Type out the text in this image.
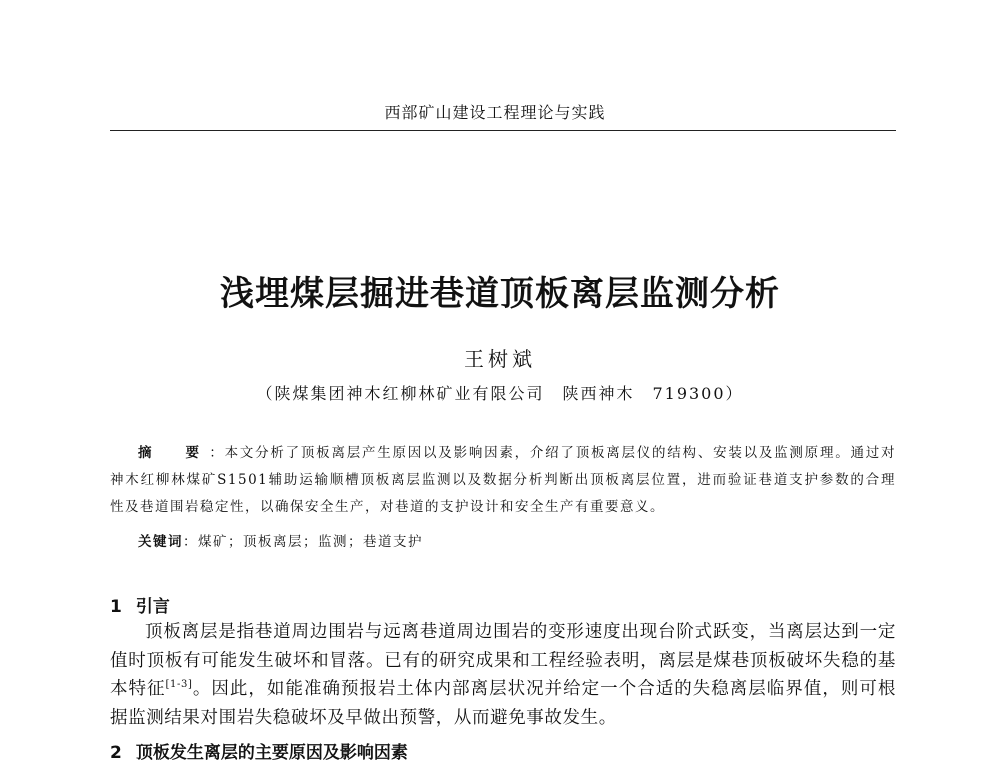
西部矿山建设工程理论与实践
浅埋煤层掘进巷道顶板离层监测分析
王树斌
（陕煤集团神木红柳林矿业有限公司　陕西神木　719300）
摘　要：本文分析了顶板离层产生原因以及影响因素，介绍了顶板离层仪的结构、安装以及监测原理。通过对神木红柳林煤矿S1501辅助运输顺槽顶板离层监测以及数据分析判断出顶板离层位置，进而验证巷道支护参数的合理性及巷道围岩稳定性，以确保安全生产，对巷道的支护设计和安全生产有重要意义。
关键词：煤矿；顶板离层；监测；巷道支护
1 引言
顶板离层是指巷道周边围岩与远离巷道周边围岩的变形速度出现台阶式跃变，当离层达到一定值时顶板有可能发生破坏和冒落。已有的研究成果和工程经验表明，离层是煤巷顶板破坏失稳的基本特征[1-3]。因此，如能准确预报岩土体内部离层状况并给定一个合适的失稳离层临界值，则可根据监测结果对围岩失稳破坏及早做出预警，从而避免事故发生。
2 顶板发生离层的主要原因及影响因素
